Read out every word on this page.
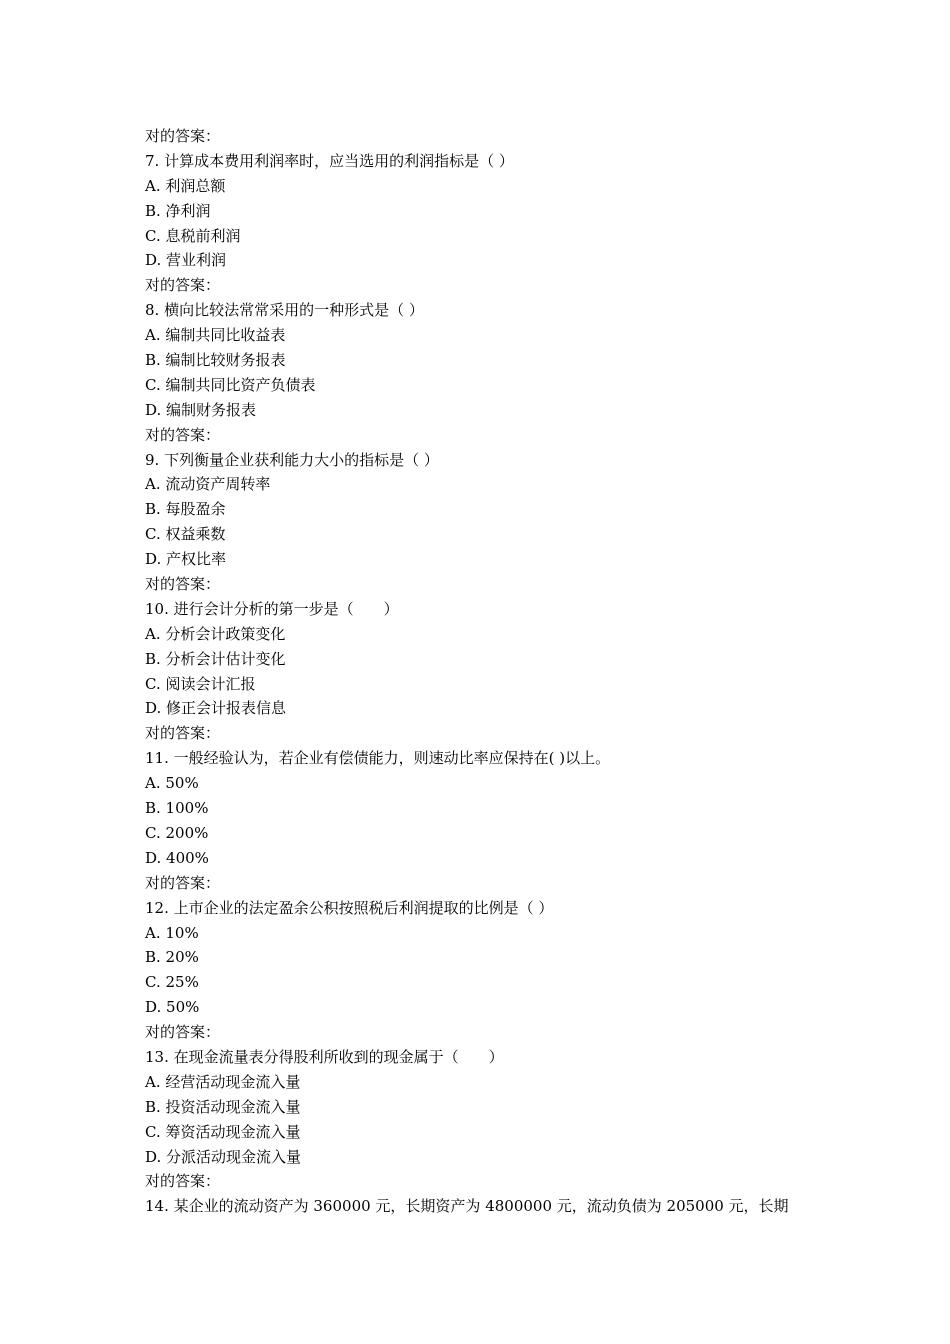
对的答案：
7. 计算成本费用利润率时，应当选用的利润指标是（ ）
A. 利润总额
B. 净利润
C. 息税前利润
D. 营业利润
对的答案：
8. 横向比较法常常采用的一种形式是（ ）
A. 编制共同比收益表
B. 编制比较财务报表
C. 编制共同比资产负债表
D. 编制财务报表
对的答案：
9. 下列衡量企业获利能力大小的指标是（ ）
A. 流动资产周转率
B. 每股盈余
C. 权益乘数
D. 产权比率
对的答案：
10. 进行会计分析的第一步是（　　）
A. 分析会计政策变化
B. 分析会计估计变化
C. 阅读会计汇报
D. 修正会计报表信息
对的答案：
11. 一般经验认为，若企业有偿债能力，则速动比率应保持在( )以上。
A. 50%
B. 100%
C. 200%
D. 400%
对的答案：
12. 上市企业的法定盈余公积按照税后利润提取的比例是（ ）
A. 10%
B. 20%
C. 25%
D. 50%
对的答案：
13. 在现金流量表分得股利所收到的现金属于（　　）
A. 经营活动现金流入量
B. 投资活动现金流入量
C. 筹资活动现金流入量
D. 分派活动现金流入量
对的答案：
14. 某企业的流动资产为 360000 元，长期资产为 4800000 元，流动负债为 205000 元，长期
